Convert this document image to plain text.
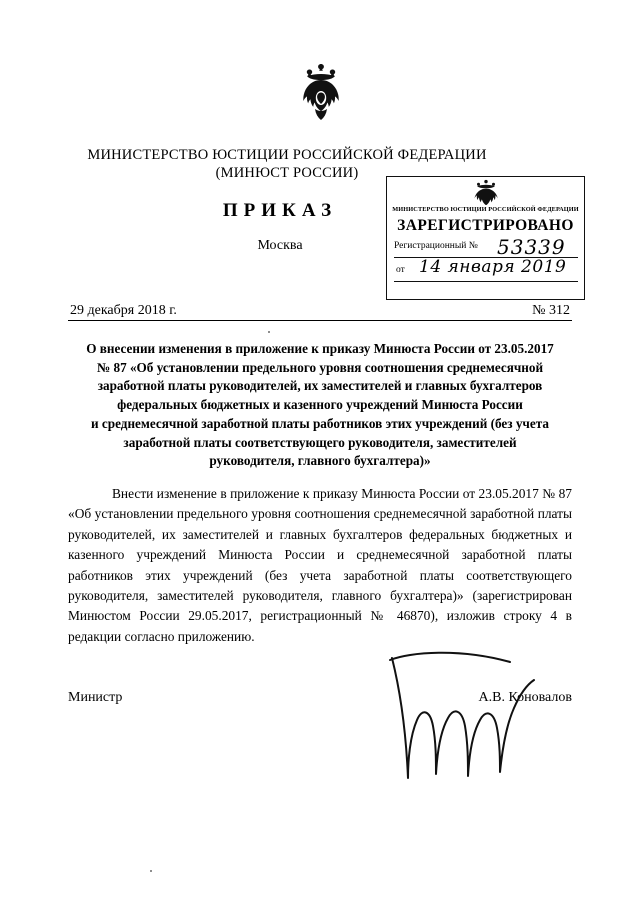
МИНИСТЕРСТВО ЮСТИЦИИ РОССИЙСКОЙ ФЕДЕРАЦИИ
(МИНЮСТ РОССИИ)
ПРИКАЗ
Москва
МИНИСТЕРСТВО ЮСТИЦИИ РОССИЙСКОЙ ФЕДЕРАЦИИ
ЗАРЕГИСТРИРОВАНО
Регистрационный № 53339
от 14 января 2019
29 декабря 2018 г.	№ 312
О внесении изменения в приложение к приказу Минюста России от 23.05.2017
№ 87 «Об установлении предельного уровня соотношения среднемесячной
заработной платы руководителей, их заместителей и главных бухгалтеров
федеральных бюджетных и казенного учреждений Минюста России
и среднемесячной заработной платы работников этих учреждений (без учета
заработной платы соответствующего руководителя, заместителей
руководителя, главного бухгалтера)»
Внести изменение в приложение к приказу Минюста России от 23.05.2017 № 87 «Об установлении предельного уровня соотношения среднемесячной заработной платы руководителей, их заместителей и главных бухгалтеров федеральных бюджетных и казенного учреждений Минюста России и среднемесячной заработной платы работников этих учреждений (без учета заработной платы соответствующего руководителя, заместителей руководителя, главного бухгалтера)» (зарегистрирован Минюстом России 29.05.2017, регистрационный № 46870), изложив строку 4 в редакции согласно приложению.
Министр	А.В. Коновалов
